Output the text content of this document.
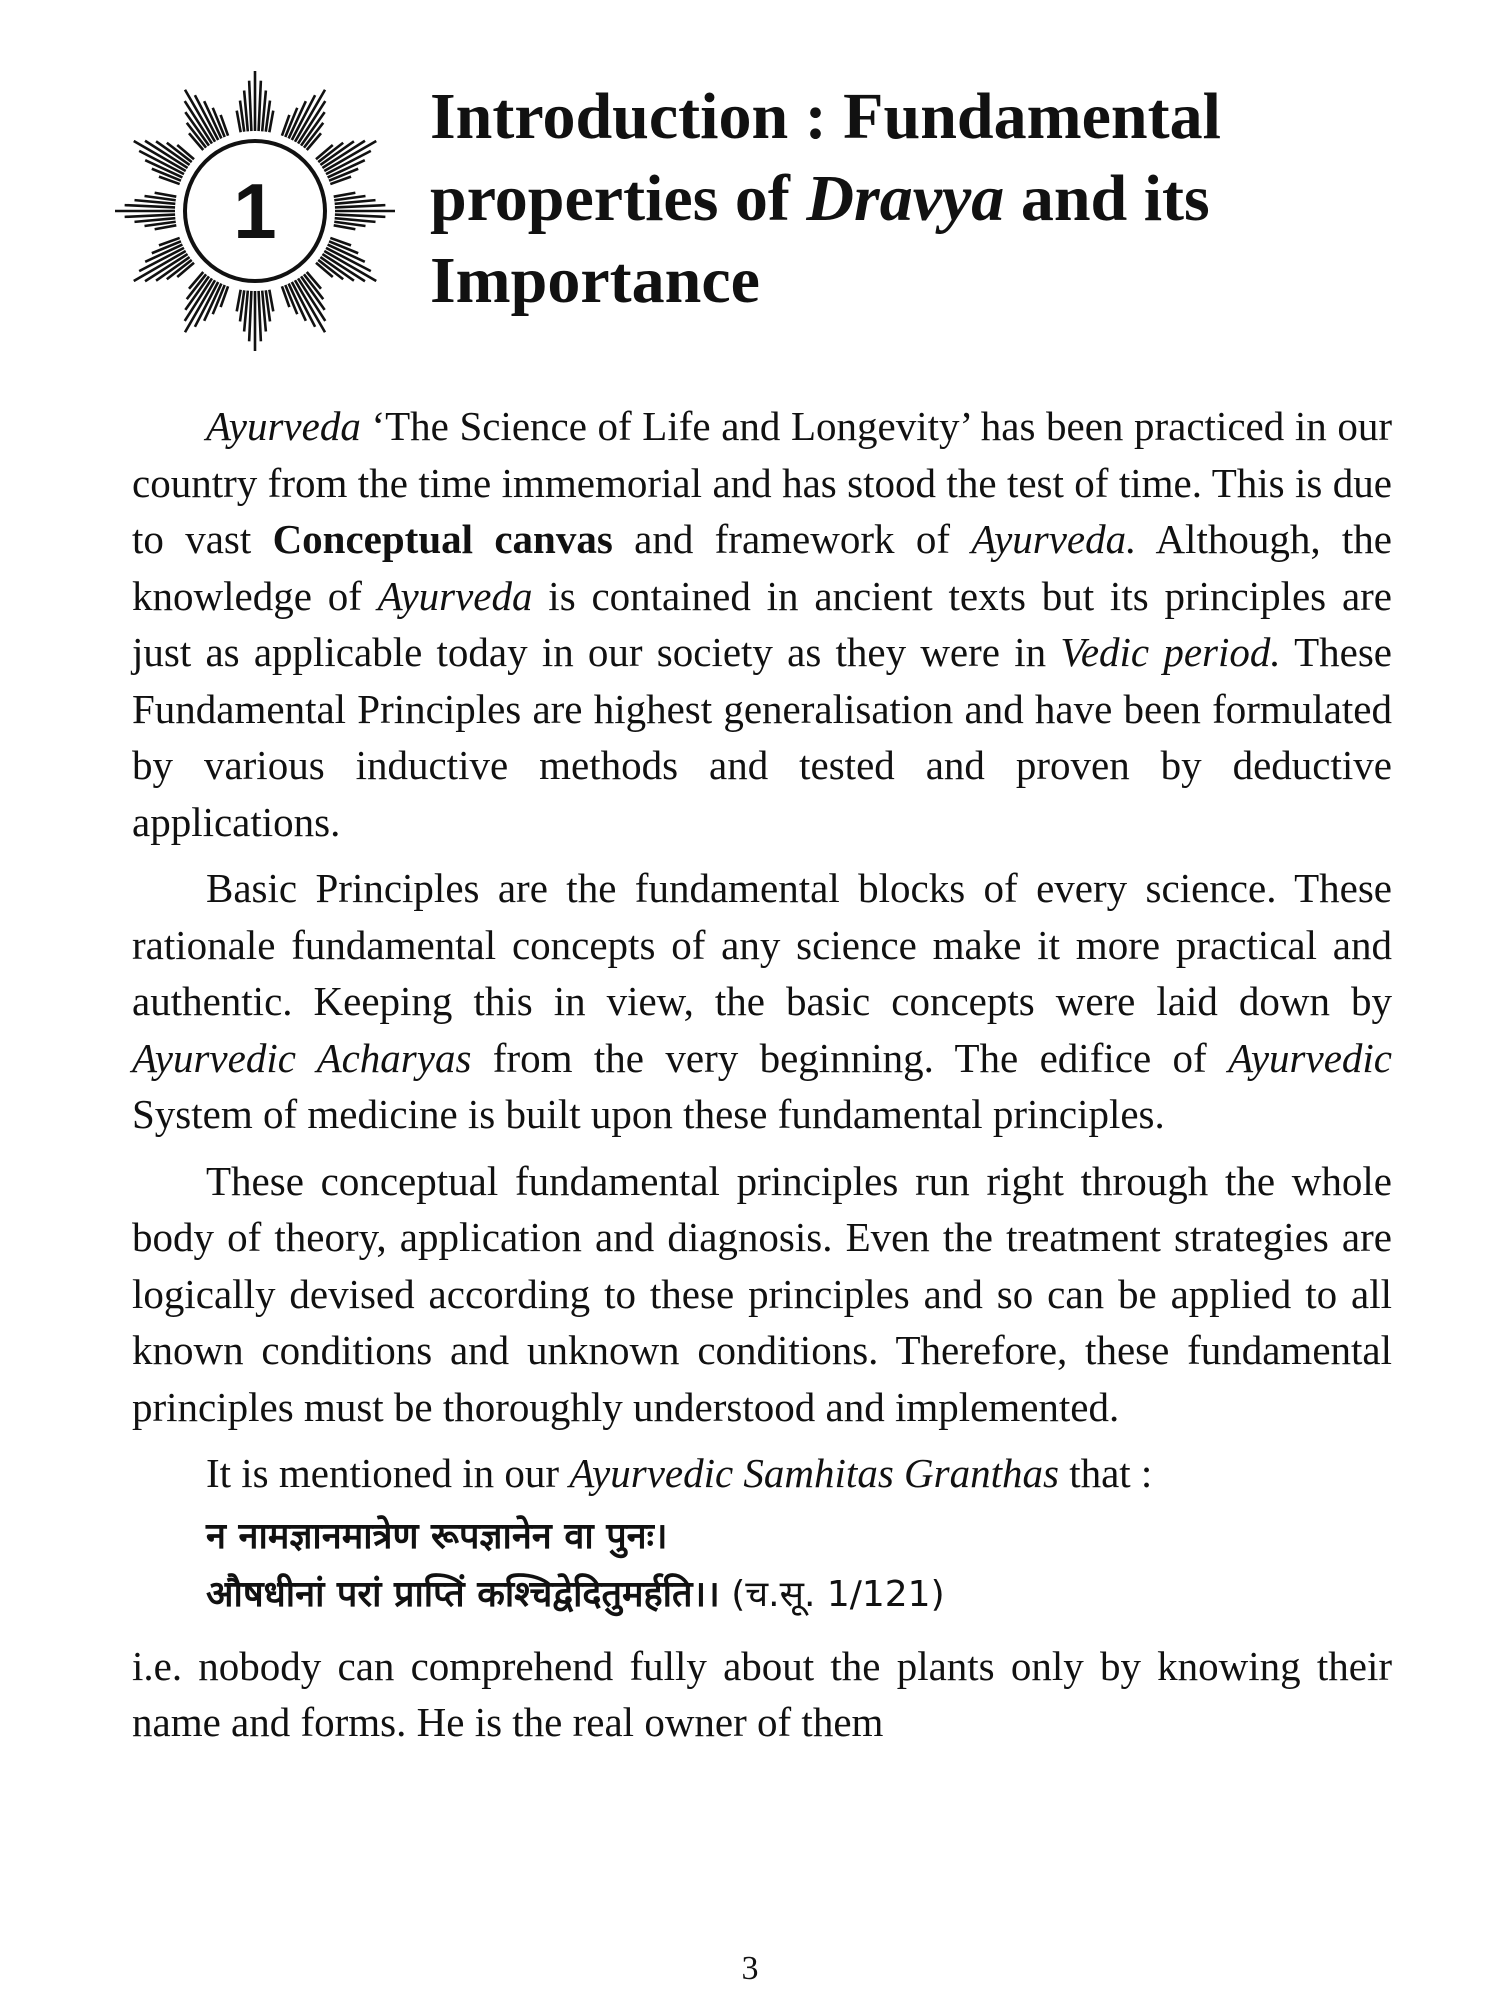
1
Introduction : Fundamental properties of Dravya and its Importance

Ayurveda ‘The Science of Life and Longevity’ has been practiced in our country from the time immemorial and has stood the test of time. This is due to vast Conceptual canvas and framework of Ayurveda. Although, the knowledge of Ayurveda is contained in ancient texts but its principles are just as applicable today in our society as they were in Vedic period. These Fundamental Principles are highest generalisation and have been formulated by various inductive methods and tested and proven by deductive applications.

Basic Principles are the fundamental blocks of every science. These rationale fundamental concepts of any science make it more practical and authentic. Keeping this in view, the basic concepts were laid down by Ayurvedic Acharyas from the very beginning. The edifice of Ayurvedic System of medicine is built upon these fundamental principles.

These conceptual fundamental principles run right through the whole body of theory, application and diagnosis. Even the treatment strategies are logically devised according to these principles and so can be applied to all known conditions and unknown conditions. Therefore, these fundamental principles must be thoroughly understood and implemented.

It is mentioned in our Ayurvedic Samhitas Granthas that :

न नामज्ञानमात्रेण रूपज्ञानेन वा पुनः।
औषधीनां परां प्राप्तिं कश्चिद्वेदितुमर्हति।। (च.सू. 1/121)

i.e. nobody can comprehend fully about the plants only by knowing their name and forms. He is the real owner of them

3
